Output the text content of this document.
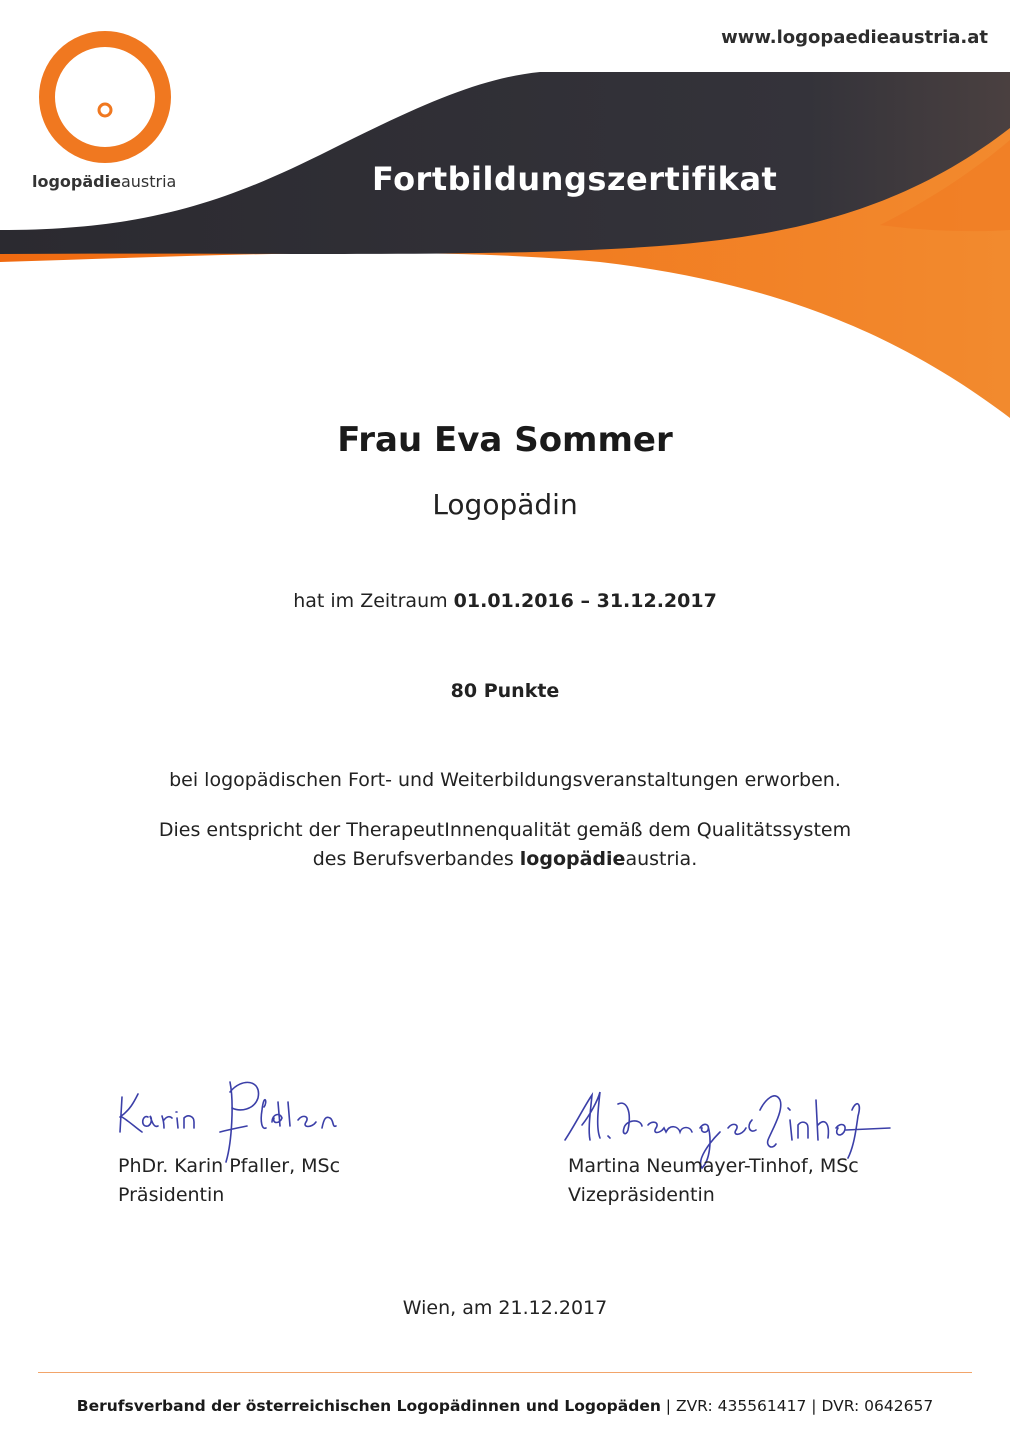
logopädieaustria
www.logopaedieaustria.at
Fortbildungszertifikat
Frau Eva Sommer
Logopädin
hat im Zeitraum 01.01.2016 – 31.12.2017
80 Punkte
bei logopädischen Fort- und Weiterbildungsveranstaltungen erworben.
Dies entspricht der TherapeutInnenqualität gemäß dem Qualitätssystem
des Berufsverbandes logopädieaustria.
PhDr. Karin Pfaller, MSc
Präsidentin
Martina Neumayer-Tinhof, MSc
Vizepräsidentin
Wien, am 21.12.2017
Berufsverband der österreichischen Logopädinnen und Logopäden | ZVR: 435561417 | DVR: 0642657
